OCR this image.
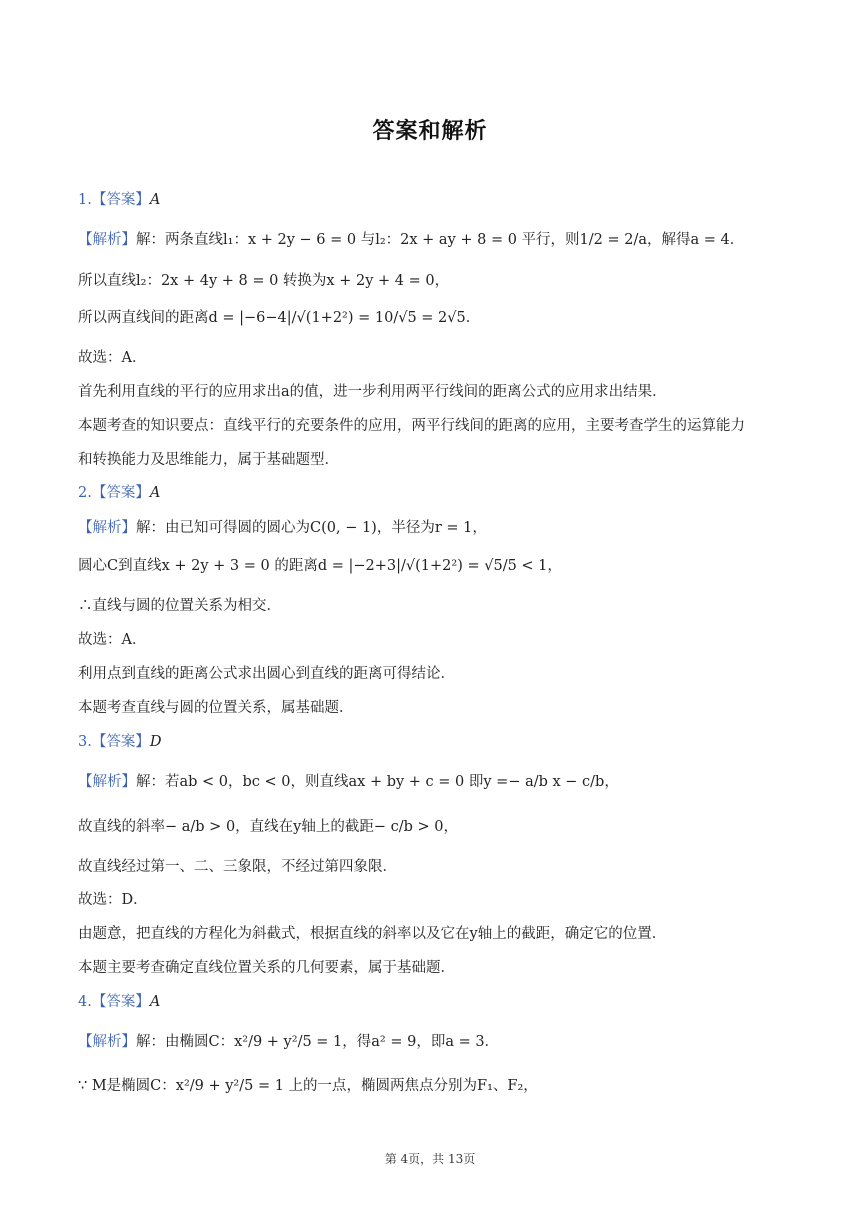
答案和解析
1.【答案】A
【解析】解：两条直线l₁：x + 2y − 6 = 0 与l₂：2x + ay + 8 = 0 平行，则1/2 = 2/a，解得a = 4．
所以直线l₂：2x + 4y + 8 = 0 转换为x + 2y + 4 = 0，
所以两直线间的距离d = |−6−4|/√(1+2²) = 10/√5 = 2√5．
故选：A．
首先利用直线的平行的应用求出a的值，进一步利用两平行线间的距离公式的应用求出结果．
本题考查的知识要点：直线平行的充要条件的应用，两平行线间的距离的应用，主要考查学生的运算能力
和转换能力及思维能力，属于基础题型．
2.【答案】A
【解析】解：由已知可得圆的圆心为C(0, − 1)，半径为r = 1，
圆心C到直线x + 2y + 3 = 0 的距离d = |−2+3|/√(1+2²) = √5/5 < 1，
∴直线与圆的位置关系为相交．
故选：A．
利用点到直线的距离公式求出圆心到直线的距离可得结论．
本题考查直线与圆的位置关系，属基础题．
3.【答案】D
【解析】解：若ab < 0，bc < 0，则直线ax + by + c = 0 即y =− a/b x − c/b，
故直线的斜率− a/b > 0，直线在y轴上的截距− c/b > 0，
故直线经过第一、二、三象限，不经过第四象限．
故选：D．
由题意，把直线的方程化为斜截式，根据直线的斜率以及它在y轴上的截距，确定它的位置．
本题主要考查确定直线位置关系的几何要素，属于基础题．
4.【答案】A
【解析】解：由椭圆C：x²/9 + y²/5 = 1，得a² = 9，即a = 3．
∵ M是椭圆C：x²/9 + y²/5 = 1 上的一点，椭圆两焦点分别为F₁、F₂，
第 4页，共 13页
